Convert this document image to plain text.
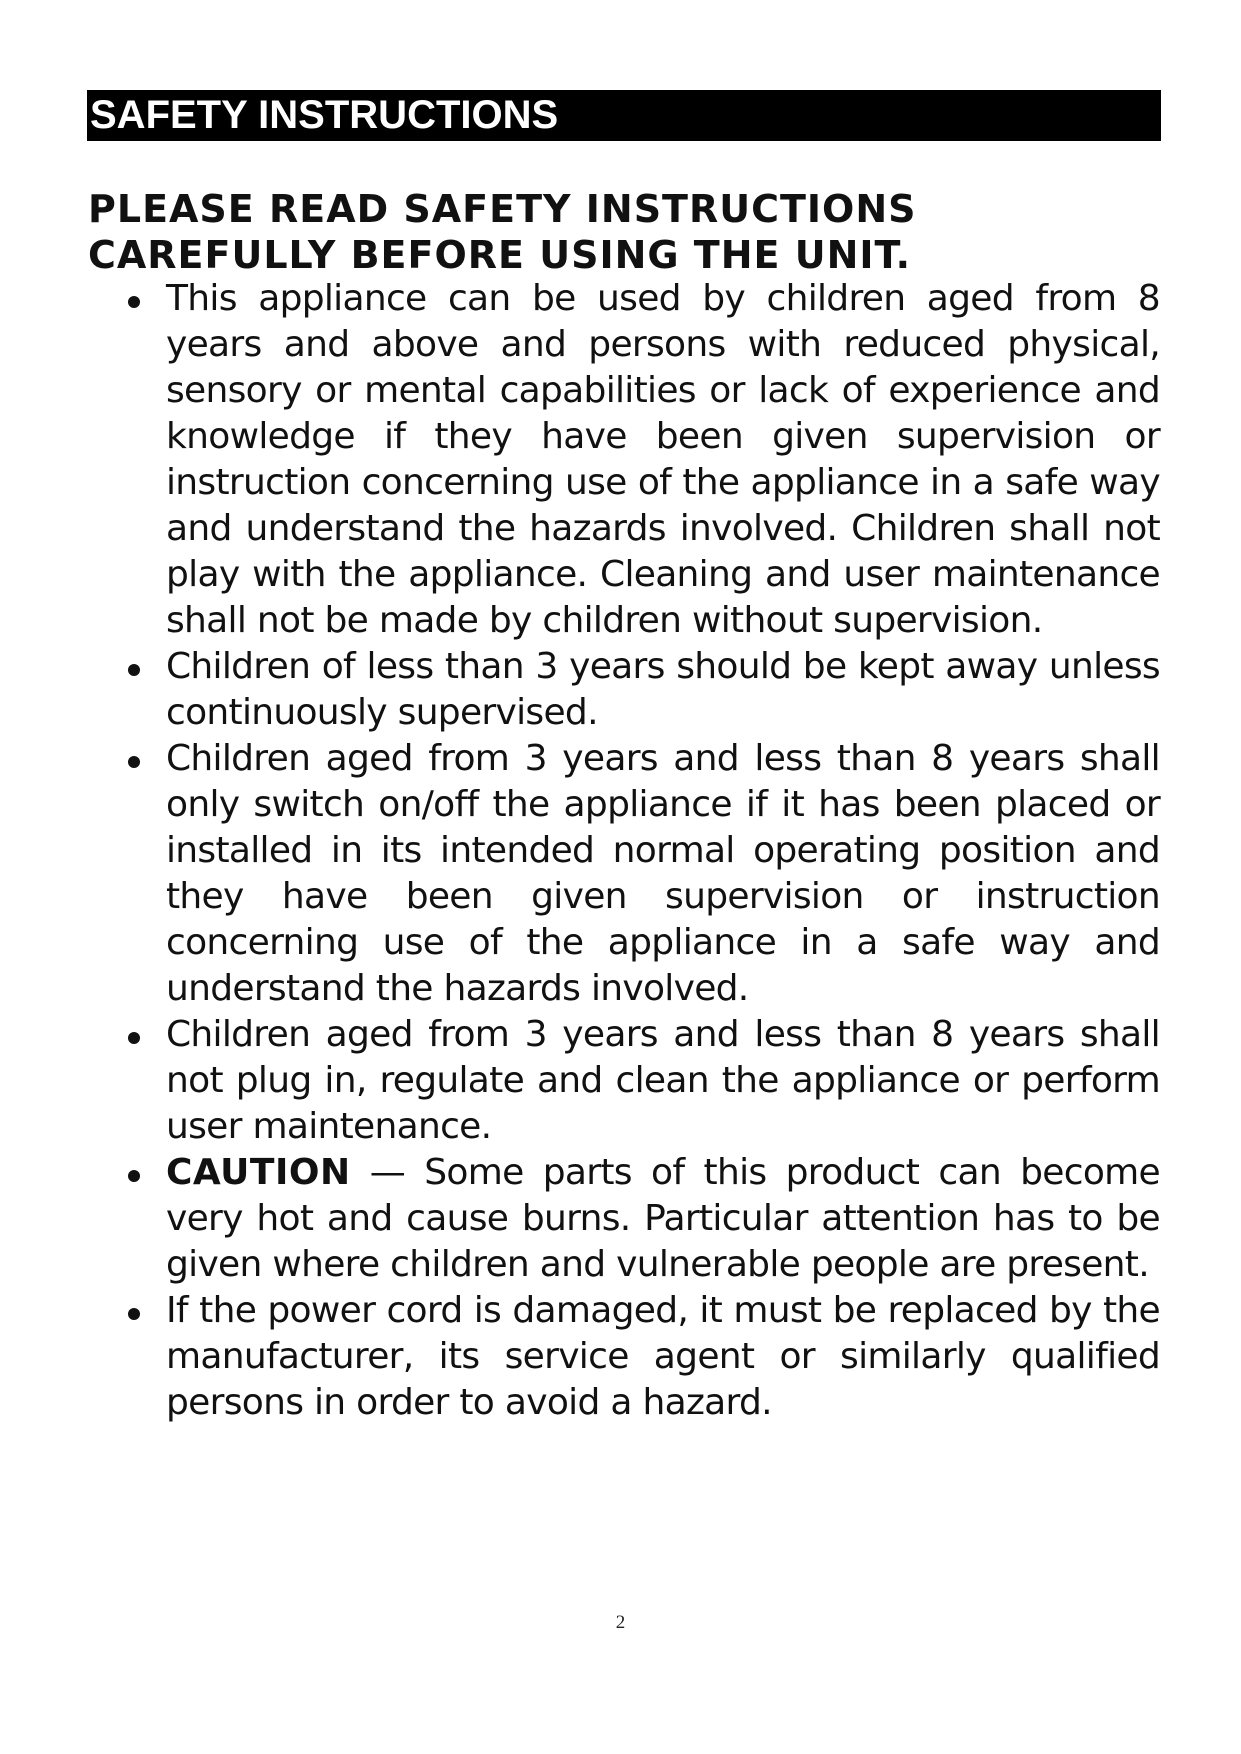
SAFETY INSTRUCTIONS
PLEASE READ SAFETY INSTRUCTIONS
CAREFULLY BEFORE USING THE UNIT.
This appliance can be used by children aged from 8 years and above and persons with reduced physical, sensory or mental capabilities or lack of experience and knowledge if they have been given supervision or instruction concerning use of the appliance in a safe way and understand the hazards involved. Children shall not play with the appliance. Cleaning and user maintenance shall not be made by children without supervision.
Children of less than 3 years should be kept away unless continuously supervised.
Children aged from 3 years and less than 8 years shall only switch on/off the appliance if it has been placed or installed in its intended normal operating position and they have been given supervision or instruction concerning use of the appliance in a safe way and understand the hazards involved.
Children aged from 3 years and less than 8 years shall not plug in, regulate and clean the appliance or perform user maintenance.
CAUTION — Some parts of this product can become very hot and cause burns. Particular attention has to be given where children and vulnerable people are present.
If the power cord is damaged, it must be replaced by the manufacturer, its service agent or similarly qualified persons in order to avoid a hazard.
2
